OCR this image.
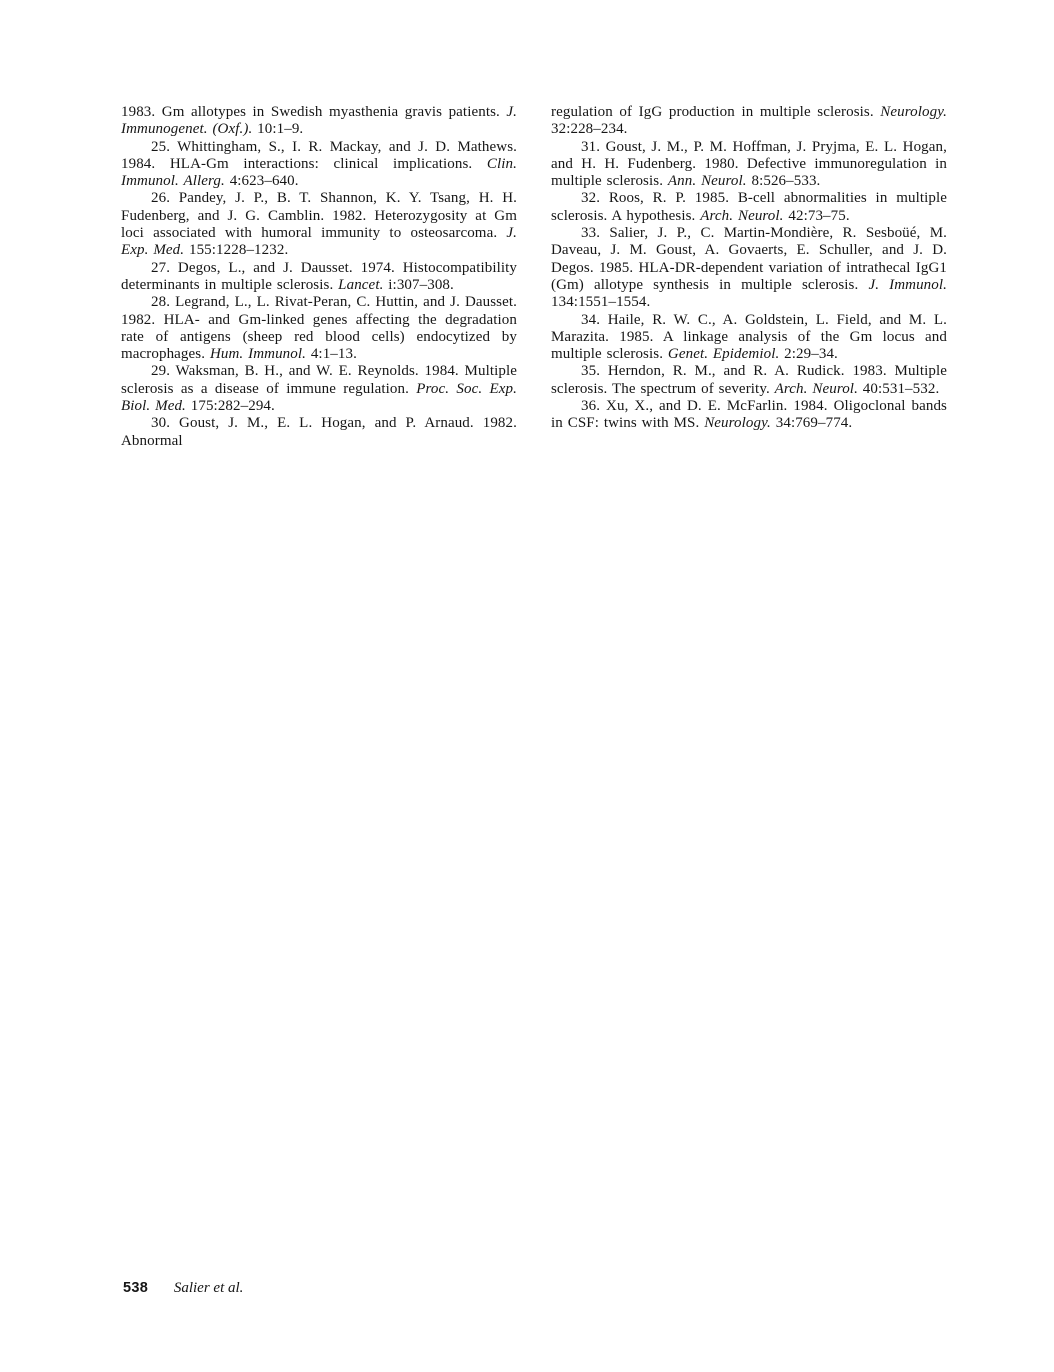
1983. Gm allotypes in Swedish myasthenia gravis patients. J. Immunogenet. (Oxf.). 10:1–9.

25. Whittingham, S., I. R. Mackay, and J. D. Mathews. 1984. HLA-Gm interactions: clinical implications. Clin. Immunol. Allerg. 4:623–640.

26. Pandey, J. P., B. T. Shannon, K. Y. Tsang, H. H. Fudenberg, and J. G. Camblin. 1982. Heterozygosity at Gm loci associated with humoral immunity to osteosarcoma. J. Exp. Med. 155:1228–1232.

27. Degos, L., and J. Dausset. 1974. Histocompatibility determinants in multiple sclerosis. Lancet. i:307–308.

28. Legrand, L., L. Rivat-Peran, C. Huttin, and J. Dausset. 1982. HLA- and Gm-linked genes affecting the degradation rate of antigens (sheep red blood cells) endocytized by macrophages. Hum. Immunol. 4:1–13.

29. Waksman, B. H., and W. E. Reynolds. 1984. Multiple sclerosis as a disease of immune regulation. Proc. Soc. Exp. Biol. Med. 175:282–294.

30. Goust, J. M., E. L. Hogan, and P. Arnaud. 1982. Abnormal

regulation of IgG production in multiple sclerosis. Neurology. 32:228–234.

31. Goust, J. M., P. M. Hoffman, J. Pryjma, E. L. Hogan, and H. H. Fudenberg. 1980. Defective immunoregulation in multiple sclerosis. Ann. Neurol. 8:526–533.

32. Roos, R. P. 1985. B-cell abnormalities in multiple sclerosis. A hypothesis. Arch. Neurol. 42:73–75.

33. Salier, J. P., C. Martin-Mondière, R. Sesboüé, M. Daveau, J. M. Goust, A. Govaerts, E. Schuller, and J. D. Degos. 1985. HLA-DR-dependent variation of intrathecal IgG1 (Gm) allotype synthesis in multiple sclerosis. J. Immunol. 134:1551–1554.

34. Haile, R. W. C., A. Goldstein, L. Field, and M. L. Marazita. 1985. A linkage analysis of the Gm locus and multiple sclerosis. Genet. Epidemiol. 2:29–34.

35. Herndon, R. M., and R. A. Rudick. 1983. Multiple sclerosis. The spectrum of severity. Arch. Neurol. 40:531–532.

36. Xu, X., and D. E. McFarlin. 1984. Oligoclonal bands in CSF: twins with MS. Neurology. 34:769–774.

538 Salier et al.
